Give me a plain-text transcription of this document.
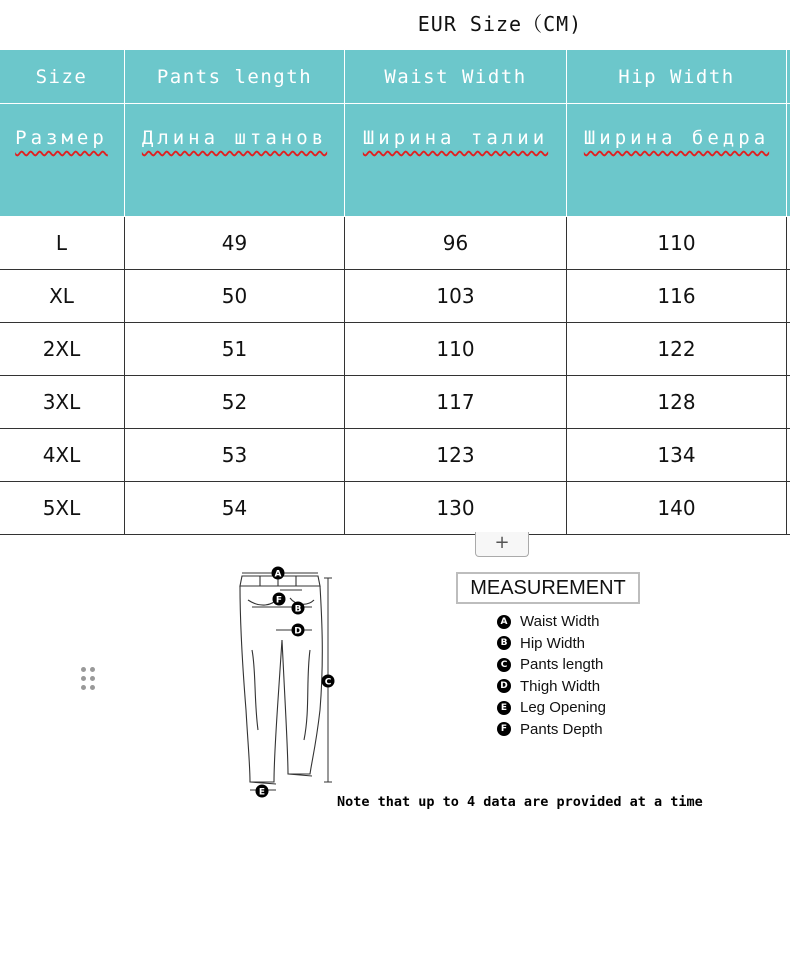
EUR Size（CM)
Size	Pants length	Waist Width	Hip Width	
Размер	Длина штанов	Ширина талии	Ширина бедра	
L	49	96	110	
XL	50	103	116	
2XL	51	110	122	
3XL	52	117	128	
4XL	53	123	134	
5XL	54	130	140	
+
A
F
B
D
C
E
MEASUREMENT
A Waist Width
B Hip Width
C Pants length
D Thigh Width
E Leg Opening
F Pants Depth
Note that up to 4 data are provided at a time
